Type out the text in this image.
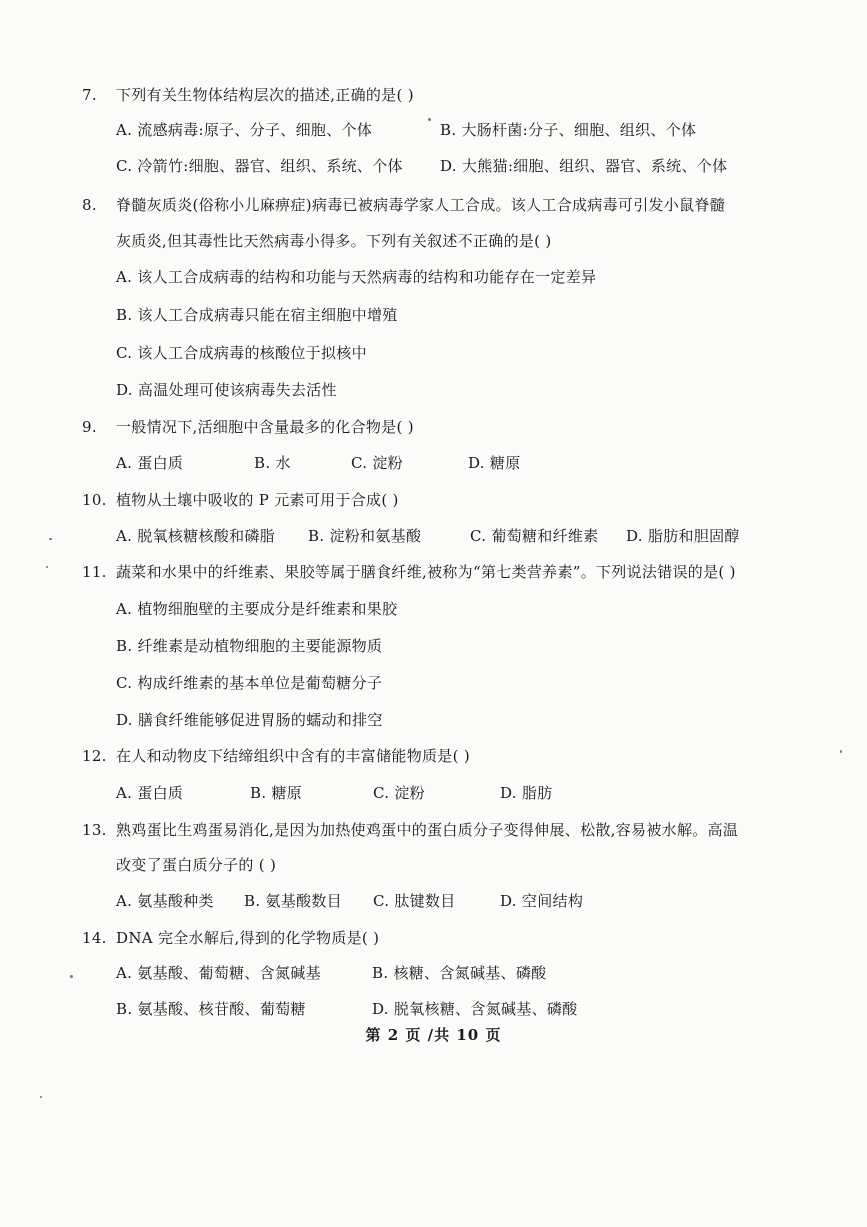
7. 下列有关生物体结构层次的描述,正确的是( )
A. 流感病毒:原子、分子、细胞、个体	B. 大肠杆菌:分子、细胞、组织、个体
C. 冷箭竹:细胞、器官、组织、系统、个体 D. 大熊猫:细胞、组织、器官、系统、个体
8. 脊髓灰质炎(俗称小儿麻痹症)病毒已被病毒学家人工合成。该人工合成病毒可引发小鼠脊髓
灰质炎,但其毒性比天然病毒小得多。下列有关叙述不正确的是( )
A. 该人工合成病毒的结构和功能与天然病毒的结构和功能存在一定差异
B. 该人工合成病毒只能在宿主细胞中增殖
C. 该人工合成病毒的核酸位于拟核中
D. 高温处理可使该病毒失去活性
9. 一般情况下,活细胞中含量最多的化合物是( )
A. 蛋白质	B. 水	C. 淀粉	D. 糖原
10. 植物从土壤中吸收的 P 元素可用于合成( )
A. 脱氧核糖核酸和磷脂 B. 淀粉和氨基酸	C. 葡萄糖和纤维素 D. 脂肪和胆固醇
11. 蔬菜和水果中的纤维素、果胶等属于膳食纤维,被称为“第七类营养素”。下列说法错误的是( )
A. 植物细胞壁的主要成分是纤维素和果胶
B. 纤维素是动植物细胞的主要能源物质
C. 构成纤维素的基本单位是葡萄糖分子
D. 膳食纤维能够促进胃肠的蠕动和排空
12. 在人和动物皮下结缔组织中含有的丰富储能物质是( )
A. 蛋白质	B. 糖原	C. 淀粉	D. 脂肪
13. 熟鸡蛋比生鸡蛋易消化,是因为加热使鸡蛋中的蛋白质分子变得伸展、松散,容易被水解。高温
改变了蛋白质分子的 ( )
A. 氨基酸种类 B. 氨基酸数目 C. 肽键数目	D. 空间结构
14. DNA 完全水解后,得到的化学物质是( )
A. 氨基酸、葡萄糖、含氮碱基	B. 核糖、含氮碱基、磷酸
B. 氨基酸、核苷酸、葡萄糖	D. 脱氧核糖、含氮碱基、磷酸
第 2 页 /共 10 页
